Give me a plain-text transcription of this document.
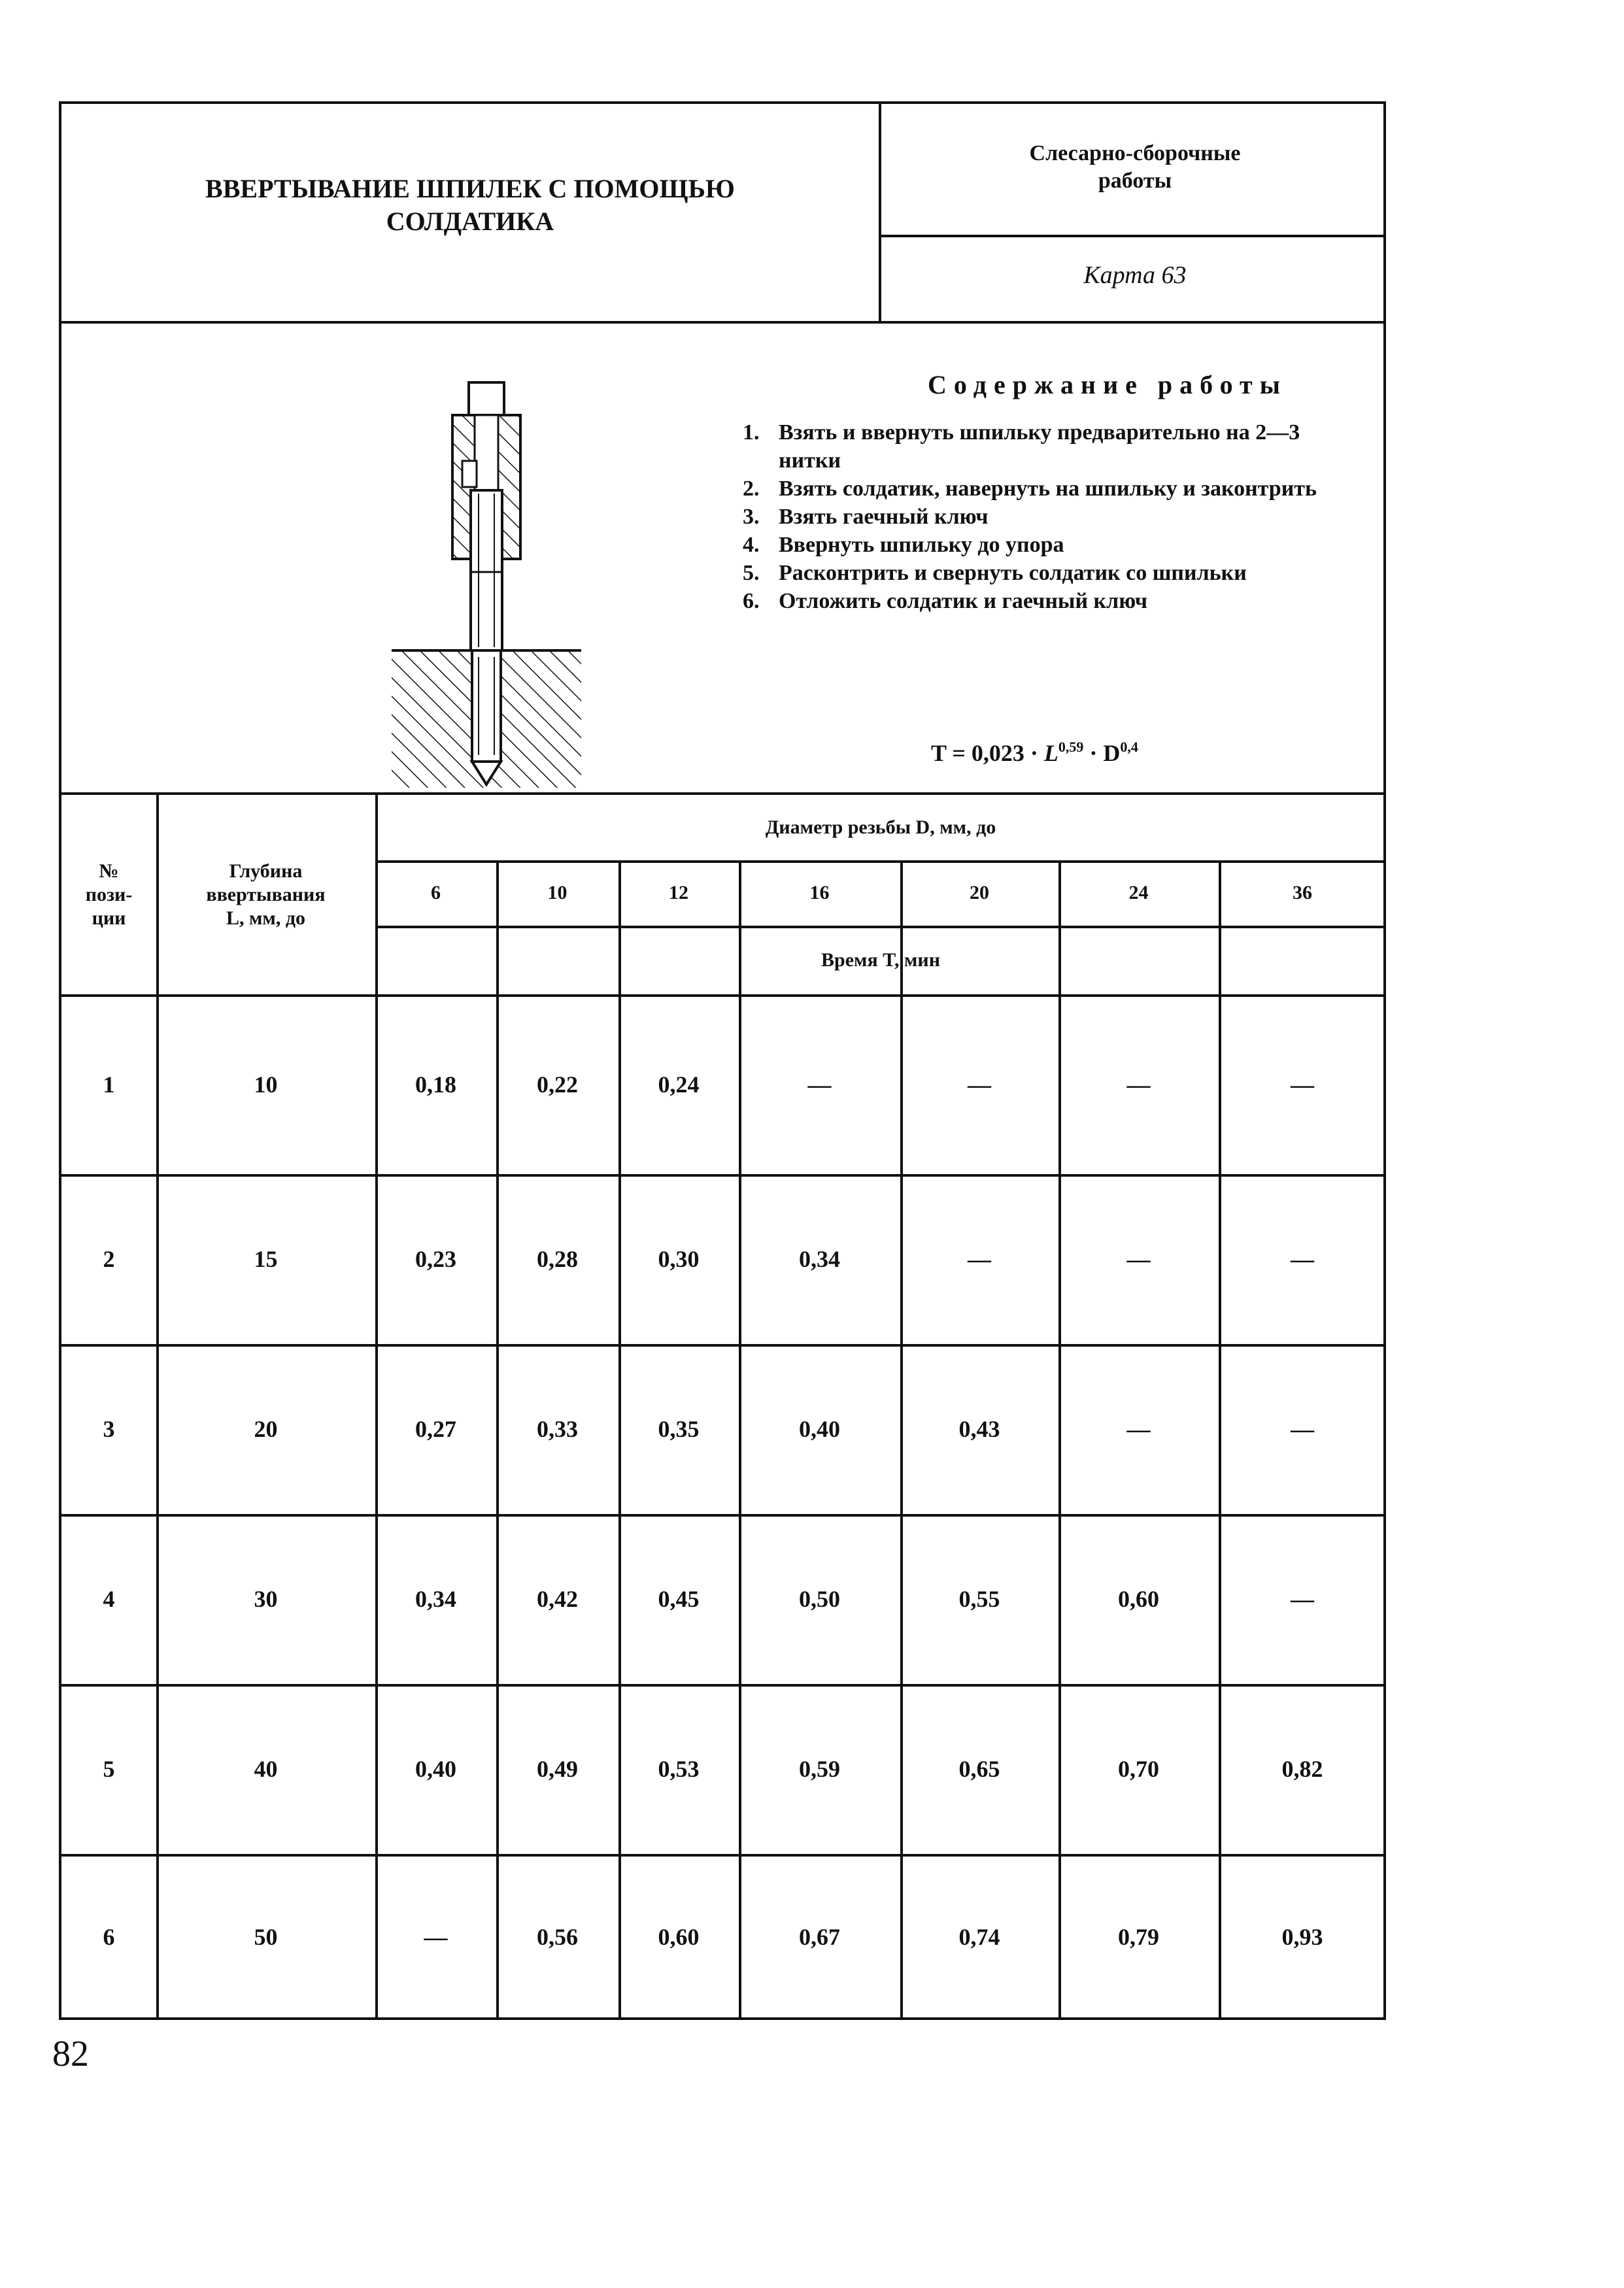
ВВЕРТЫВАНИЕ ШПИЛЕК С ПОМОЩЬЮ
СОЛДАТИКА
Слесарно-сборочные
работы
Карта 63
Содержание работы
1. Взять и ввернуть шпильку предварительно на 2—3 нитки
2. Взять солдатик, навернуть на шпильку и законтрить
3. Взять гаечный ключ
4. Ввернуть шпильку до упора
5. Расконтрить и свернуть солдатик со шпильки
6. Отложить солдатик и гаечный ключ
T = 0,023 · L$^{0,59}$ · D$^{0,4}$
№
пози-
ции
Глубина
ввертывания
L, мм, до
Диаметр резьбы D, мм, до
6	10	12	16	20	24	36
Время T, мин
1	10	0,18	0,22	0,24	—	—	—	—
2	15	0,23	0,28	0,30	0,34	—	—	—
3	20	0,27	0,33	0,35	0,40	0,43	—	—
4	30	0,34	0,42	0,45	0,50	0,55	0,60	—
5	40	0,40	0,49	0,53	0,59	0,65	0,70	0,82
6	50	—	0,56	0,60	0,67	0,74	0,79	0,93
82
